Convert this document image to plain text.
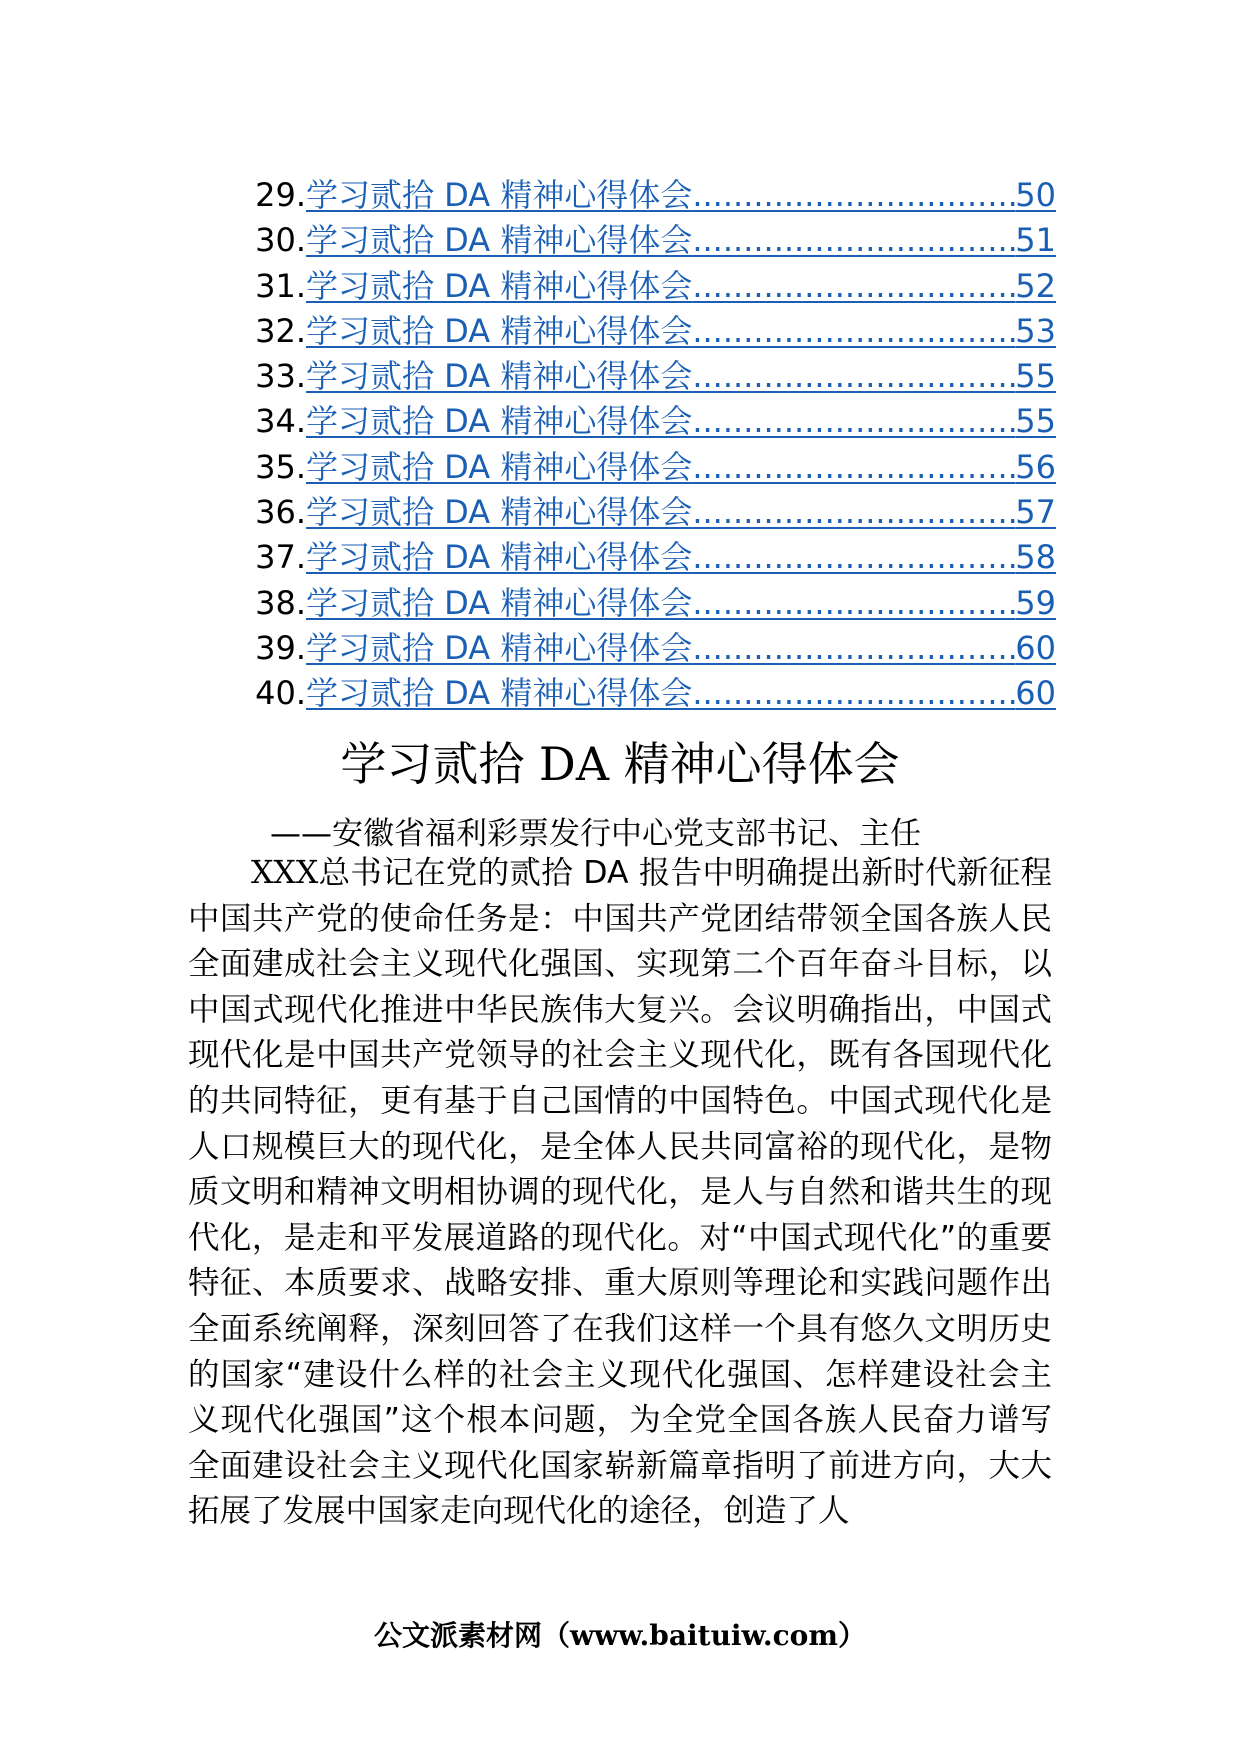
29. 学习贰拾 DA 精神心得体会 .....	50
30. 学习贰拾 DA 精神心得体会 .....	51
31. 学习贰拾 DA 精神心得体会 .....	52
32. 学习贰拾 DA 精神心得体会 .....	53
33. 学习贰拾 DA 精神心得体会 .....	55
34. 学习贰拾 DA 精神心得体会 .....	55
35. 学习贰拾 DA 精神心得体会 .....	56
36. 学习贰拾 DA 精神心得体会 .....	57
37. 学习贰拾 DA 精神心得体会 .....	58
38. 学习贰拾 DA 精神心得体会 .....	59
39. 学习贰拾 DA 精神心得体会 .....	60
40. 学习贰拾 DA 精神心得体会 .....	60
学习贰拾 DA 精神心得体会
——安徽省福利彩票发行中心党支部书记、主任

XXX总书记在党的贰拾 DA 报告中明确提出新时代新征程中国共产党的使命任务是：中国共产党团结带领全国各族人民全面建成社会主义现代化强国、实现第二个百年奋斗目标，以中国式现代化推进中华民族伟大复兴。会议明确指出，中国式现代化是中国共产党领导的社会主义现代化，既有各国现代化的共同特征，更有基于自己国情的中国特色。中国式现代化是人口规模巨大的现代化，是全体人民共同富裕的现代化，是物质文明和精神文明相协调的现代化，是人与自然和谐共生的现代化，是走和平发展道路的现代化。对“中国式现代化”的重要特征、本质要求、战略安排、重大原则等理论和实践问题作出全面系统阐释，深刻回答了在我们这样一个具有悠久文明历史的国家“建设什么样的社会主义现代化强国、怎样建设社会主义现代化强国”这个根本问题，为全党全国各族人民奋力谱写全面建设社会主义现代化国家崭新篇章指明了前进方向，大大拓展了发展中国家走向现代化的途径，创造了人

公文派素材网（www.baituiw.com）
